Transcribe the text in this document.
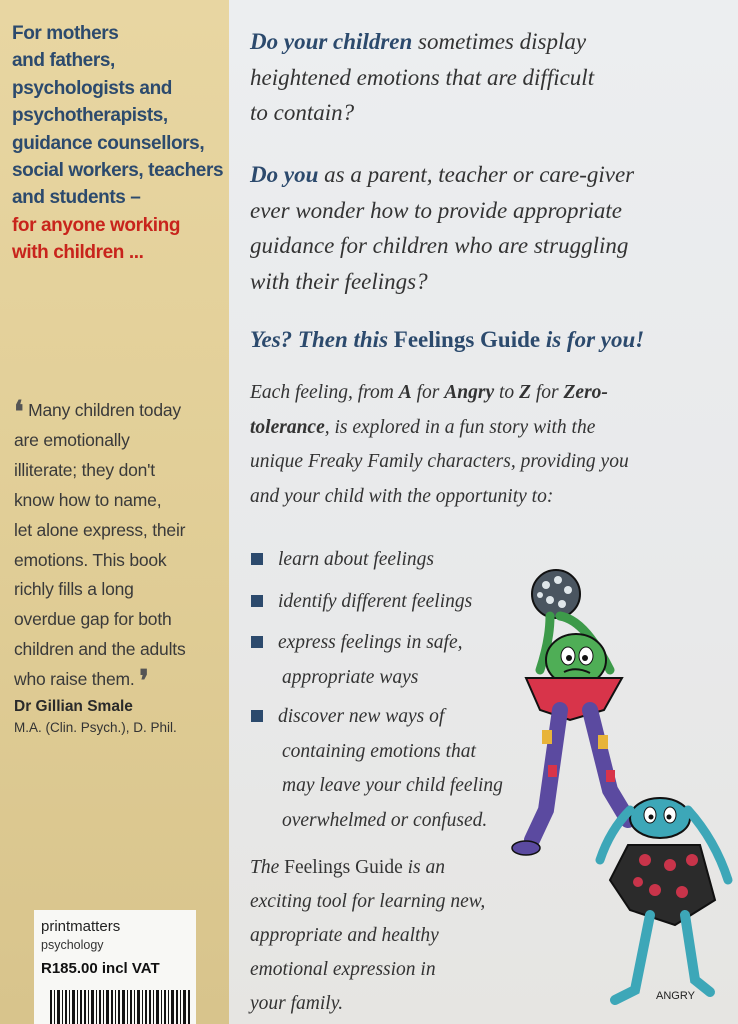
For mothers
and fathers,
psychologists and
psychotherapists,
guidance counsellors,
social workers, teachers
and students –
for anyone working
with children ...
❛ Many children today
are emotionally
illiterate; they don't
know how to name,
let alone express, their
emotions. This book
richly fills a long
overdue gap for both
children and the adults
who raise them. ❜
Dr Gillian Smale
M.A. (Clin. Psych.), D. Phil.
printmatters
psychology
R185.00 incl VAT
Do your children sometimes display
heightened emotions that are difficult
to contain?
Do you as a parent, teacher or care-giver
ever wonder how to provide appropriate
guidance for children who are struggling
with their feelings?
Yes? Then this Feelings Guide is for you!
Each feeling, from A for Angry to Z for Zero-
tolerance, is explored in a fun story with the
unique Freaky Family characters, providing you
and your child with the opportunity to:
learn about feelings
identify different feelings
express feelings in safe,
appropriate ways
discover new ways of
containing emotions that
may leave your child feeling
overwhelmed or confused.
The Feelings Guide is an
exciting tool for learning new,
appropriate and healthy
emotional expression in
your family.	ANGRY
